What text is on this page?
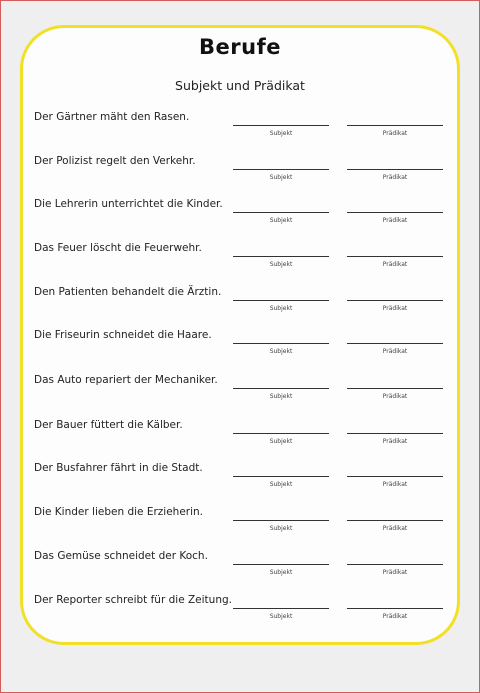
Berufe
Subjekt und Prädikat
Der Gärtner mäht den Rasen.
Subjekt	Prädikat
Der Polizist regelt den Verkehr.
Subjekt	Prädikat
Die Lehrerin unterrichtet die Kinder.
Subjekt	Prädikat
Das Feuer löscht die Feuerwehr.
Subjekt	Prädikat
Den Patienten behandelt die Ärztin.
Subjekt	Prädikat
Die Friseurin schneidet die Haare.
Subjekt	Prädikat
Das Auto repariert der Mechaniker.
Subjekt	Prädikat
Der Bauer füttert die Kälber.
Subjekt	Prädikat
Der Busfahrer fährt in die Stadt.
Subjekt	Prädikat
Die Kinder lieben die Erzieherin.
Subjekt	Prädikat
Das Gemüse schneidet der Koch.
Subjekt	Prädikat
Der Reporter schreibt für die Zeitung.
Subjekt	Prädikat
